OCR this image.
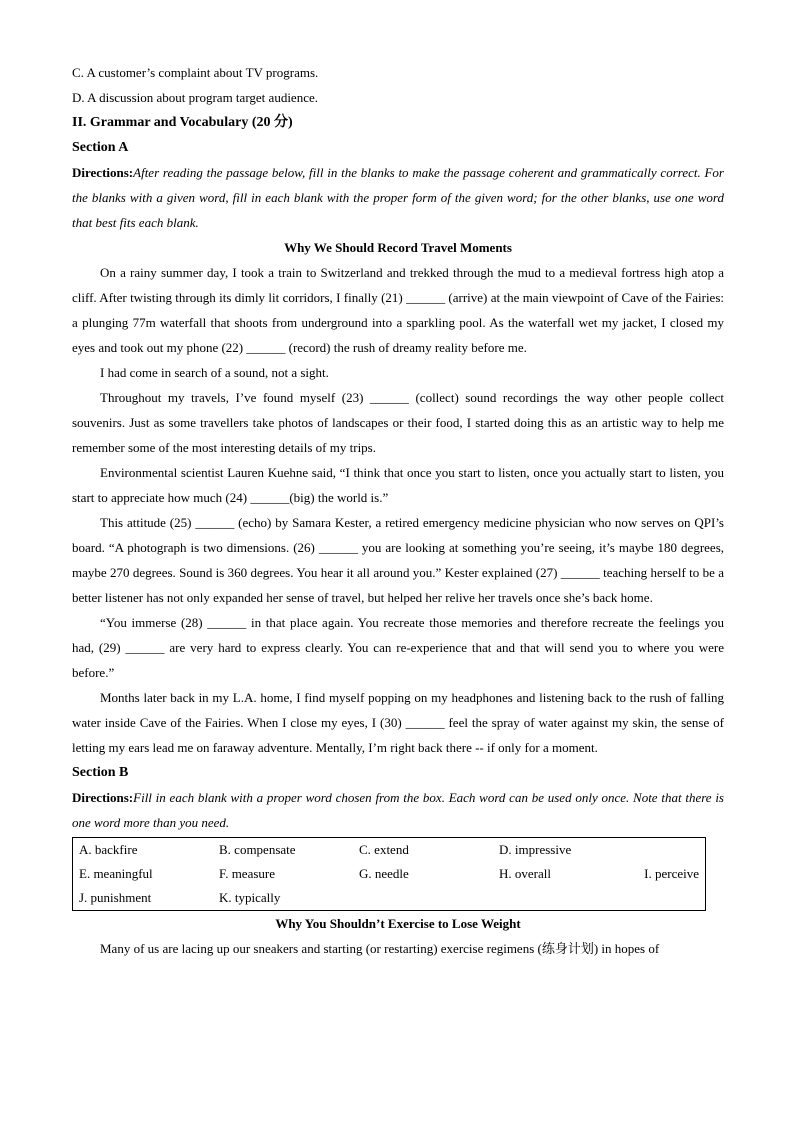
C. A customer’s complaint about TV programs.
D. A discussion about program target audience.
II. Grammar and Vocabulary (20 分)
Section A

Directions:After reading the passage below, fill in the blanks to make the passage coherent and grammatically correct. For the blanks with a given word, fill in each blank with the proper form of the given word; for the other blanks, use one word that best fits each blank.

Why We Should Record Travel Moments

On a rainy summer day, I took a train to Switzerland and trekked through the mud to a medieval fortress high atop a cliff. After twisting through its dimly lit corridors, I finally (21) ______ (arrive) at the main viewpoint of Cave of the Fairies: a plunging 77m waterfall that shoots from underground into a sparkling pool. As the waterfall wet my jacket, I closed my eyes and took out my phone (22) ______ (record) the rush of dreamy reality before me.

I had come in search of a sound, not a sight.

Throughout my travels, I’ve found myself (23) ______ (collect) sound recordings the way other people collect souvenirs. Just as some travellers take photos of landscapes or their food, I started doing this as an artistic way to help me remember some of the most interesting details of my trips.

Environmental scientist Lauren Kuehne said, “I think that once you start to listen, once you actually start to listen, you start to appreciate how much (24) ______(big) the world is.”

This attitude (25) ______ (echo) by Samara Kester, a retired emergency medicine physician who now serves on QPI’s board. “A photograph is two dimensions. (26) ______ you are looking at something you’re seeing, it’s maybe 180 degrees, maybe 270 degrees. Sound is 360 degrees. You hear it all around you.” Kester explained (27) ______ teaching herself to be a better listener has not only expanded her sense of travel, but helped her relive her travels once she’s back home.

“You immerse (28) ______ in that place again. You recreate those memories and therefore recreate the feelings you had, (29) ______ are very hard to express clearly. You can re-experience that and that will send you to where you were before.”

Months later back in my L.A. home, I find myself popping on my headphones and listening back to the rush of falling water inside Cave of the Fairies. When I close my eyes, I (30) ______ feel the spray of water against my skin, the sense of letting my ears lead me on faraway adventure. Mentally, I’m right back there -- if only for a moment.

Section B

Directions:Fill in each blank with a proper word chosen from the box. Each word can be used only once. Note that there is one word more than you need.

A. backfire	B. compensate	C. extend	D. impressive	
E. meaningful	F. measure	G. needle	H. overall	I. perceive
J. punishment	K. typically			
Why You Shouldn’t Exercise to Lose Weight

Many of us are lacing up our sneakers and starting (or restarting) exercise regimens (练身计划) in hopes of
